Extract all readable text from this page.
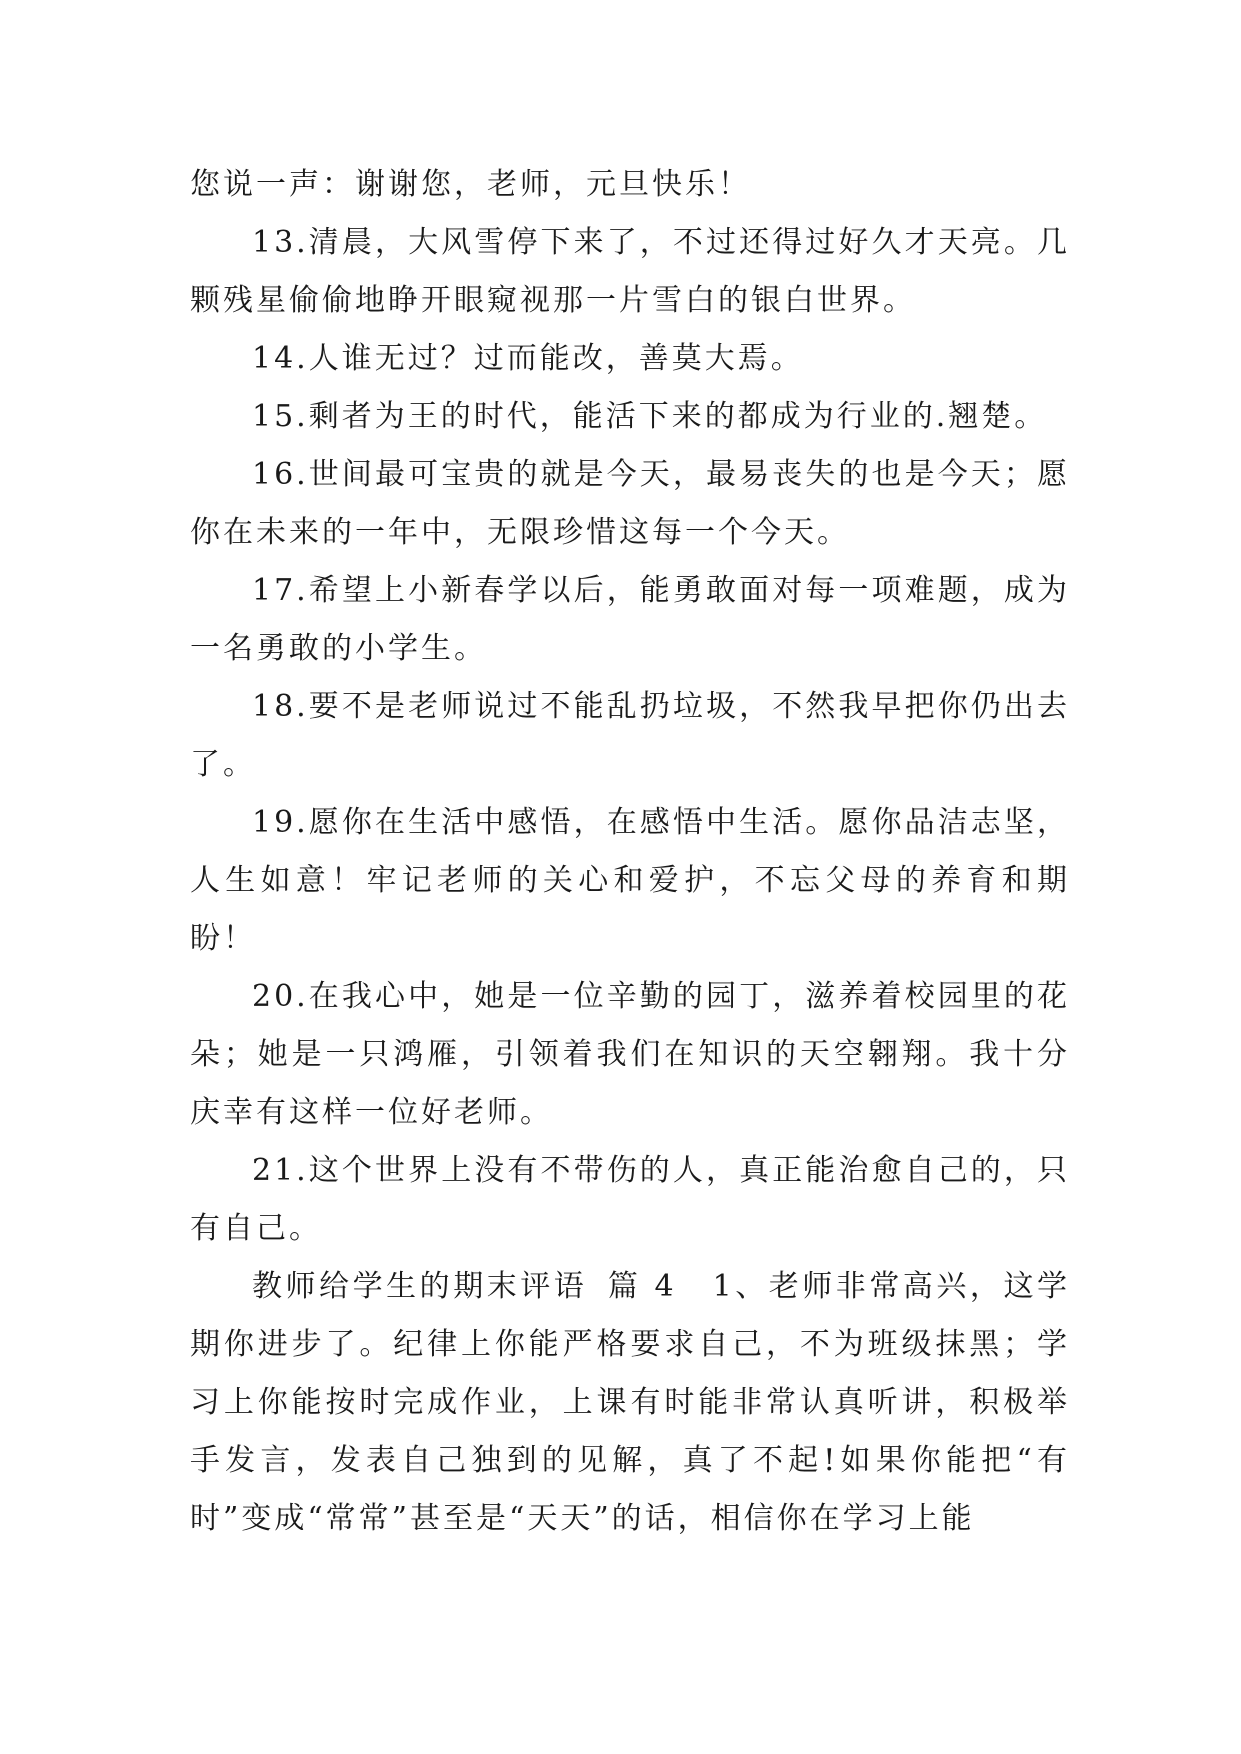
您说一声：谢谢您，老师，元旦快乐！

13.清晨，大风雪停下来了，不过还得过好久才天亮。几颗残星偷偷地睁开眼窥视那一片雪白的银白世界。

14.人谁无过？过而能改，善莫大焉。

15.剩者为王的时代，能活下来的都成为行业的.翘楚。

16.世间最可宝贵的就是今天，最易丧失的也是今天；愿你在未来的一年中，无限珍惜这每一个今天。

17.希望上小新春学以后，能勇敢面对每一项难题，成为一名勇敢的小学生。

18.要不是老师说过不能乱扔垃圾，不然我早把你仍出去了。

19.愿你在生活中感悟，在感悟中生活。愿你品洁志坚，人生如意！牢记老师的关心和爱护，不忘父母的养育和期盼！

20.在我心中，她是一位辛勤的园丁，滋养着校园里的花朵；她是一只鸿雁，引领着我们在知识的天空翱翔。我十分庆幸有这样一位好老师。

21.这个世界上没有不带伤的人，真正能治愈自己的，只有自己。

教师给学生的期末评语 篇 4 1、老师非常高兴，这学期你进步了。纪律上你能严格要求自己，不为班级抹黑；学习上你能按时完成作业，上课有时能非常认真听讲，积极举手发言，发表自己独到的见解，真了不起!如果你能把“有时”变成“常常”甚至是“天天”的话，相信你在学习上能
